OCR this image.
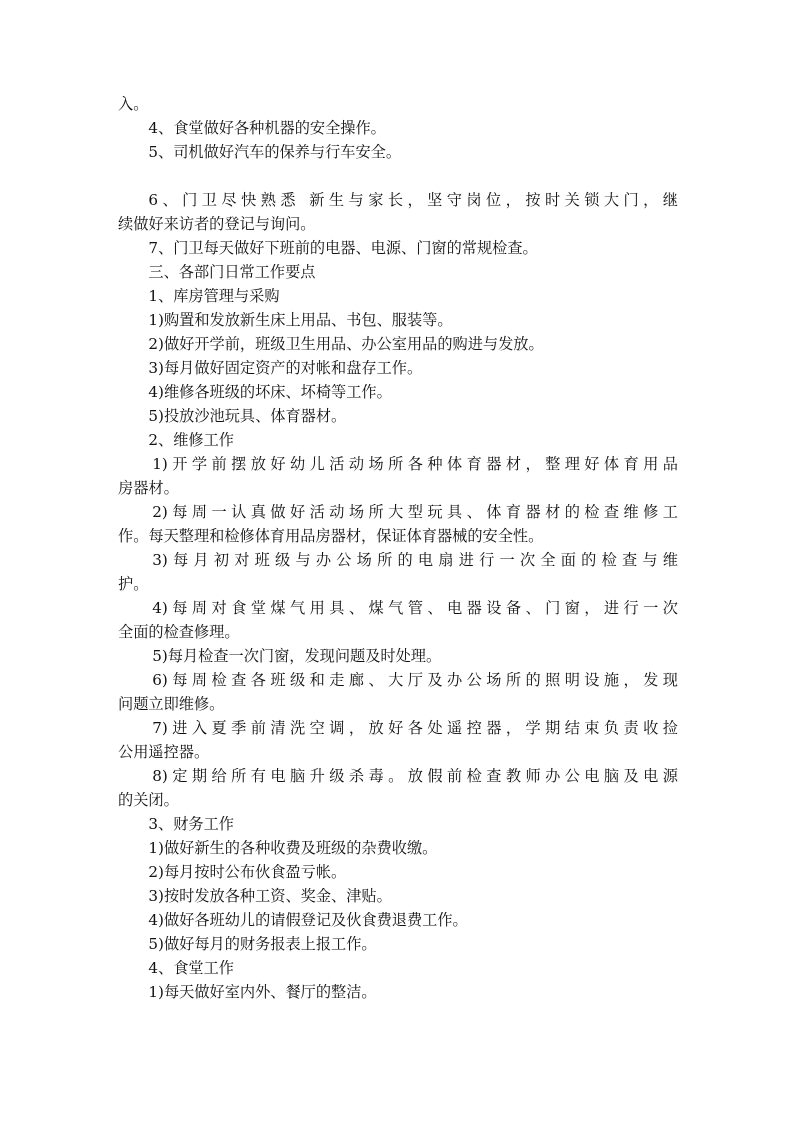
入。

4、食堂做好各种机器的安全操作。

5、司机做好汽车的保养与行车安全。

6、门卫尽快熟悉 新生与家长，坚守岗位，按时关锁大门，继

续做好来访者的登记与询问。

7、门卫每天做好下班前的电器、电源、门窗的常规检查。

三、各部门日常工作要点

1、库房管理与采购

1)购置和发放新生床上用品、书包、服装等。

2)做好开学前，班级卫生用品、办公室用品的购进与发放。

3)每月做好固定资产的对帐和盘存工作。

4)维修各班级的坏床、坏椅等工作。

5)投放沙池玩具、体育器材。

2、维修工作

1)开学前摆放好幼儿活动场所各种体育器材，整理好体育用品

房器材。

2)每周一认真做好活动场所大型玩具、体育器材的检查维修工

作。每天整理和检修体育用品房器材，保证体育器械的安全性。

3)每月初对班级与办公场所的电扇进行一次全面的检查与维

护。

4)每周对食堂煤气用具、煤气管、电器设备、门窗，进行一次

全面的检查修理。

5)每月检查一次门窗，发现问题及时处理。

6)每周检查各班级和走廊、大厅及办公场所的照明设施，发现

问题立即维修。

7)进入夏季前清洗空调，放好各处遥控器，学期结束负责收捡

公用遥控器。

8)定期给所有电脑升级杀毒。放假前检查教师办公电脑及电源

的关闭。

3、财务工作

1)做好新生的各种收费及班级的杂费收缴。

2)每月按时公布伙食盈亏帐。

3)按时发放各种工资、奖金、津贴。

4)做好各班幼儿的请假登记及伙食费退费工作。

5)做好每月的财务报表上报工作。

4、食堂工作

1)每天做好室内外、餐厅的整洁。
